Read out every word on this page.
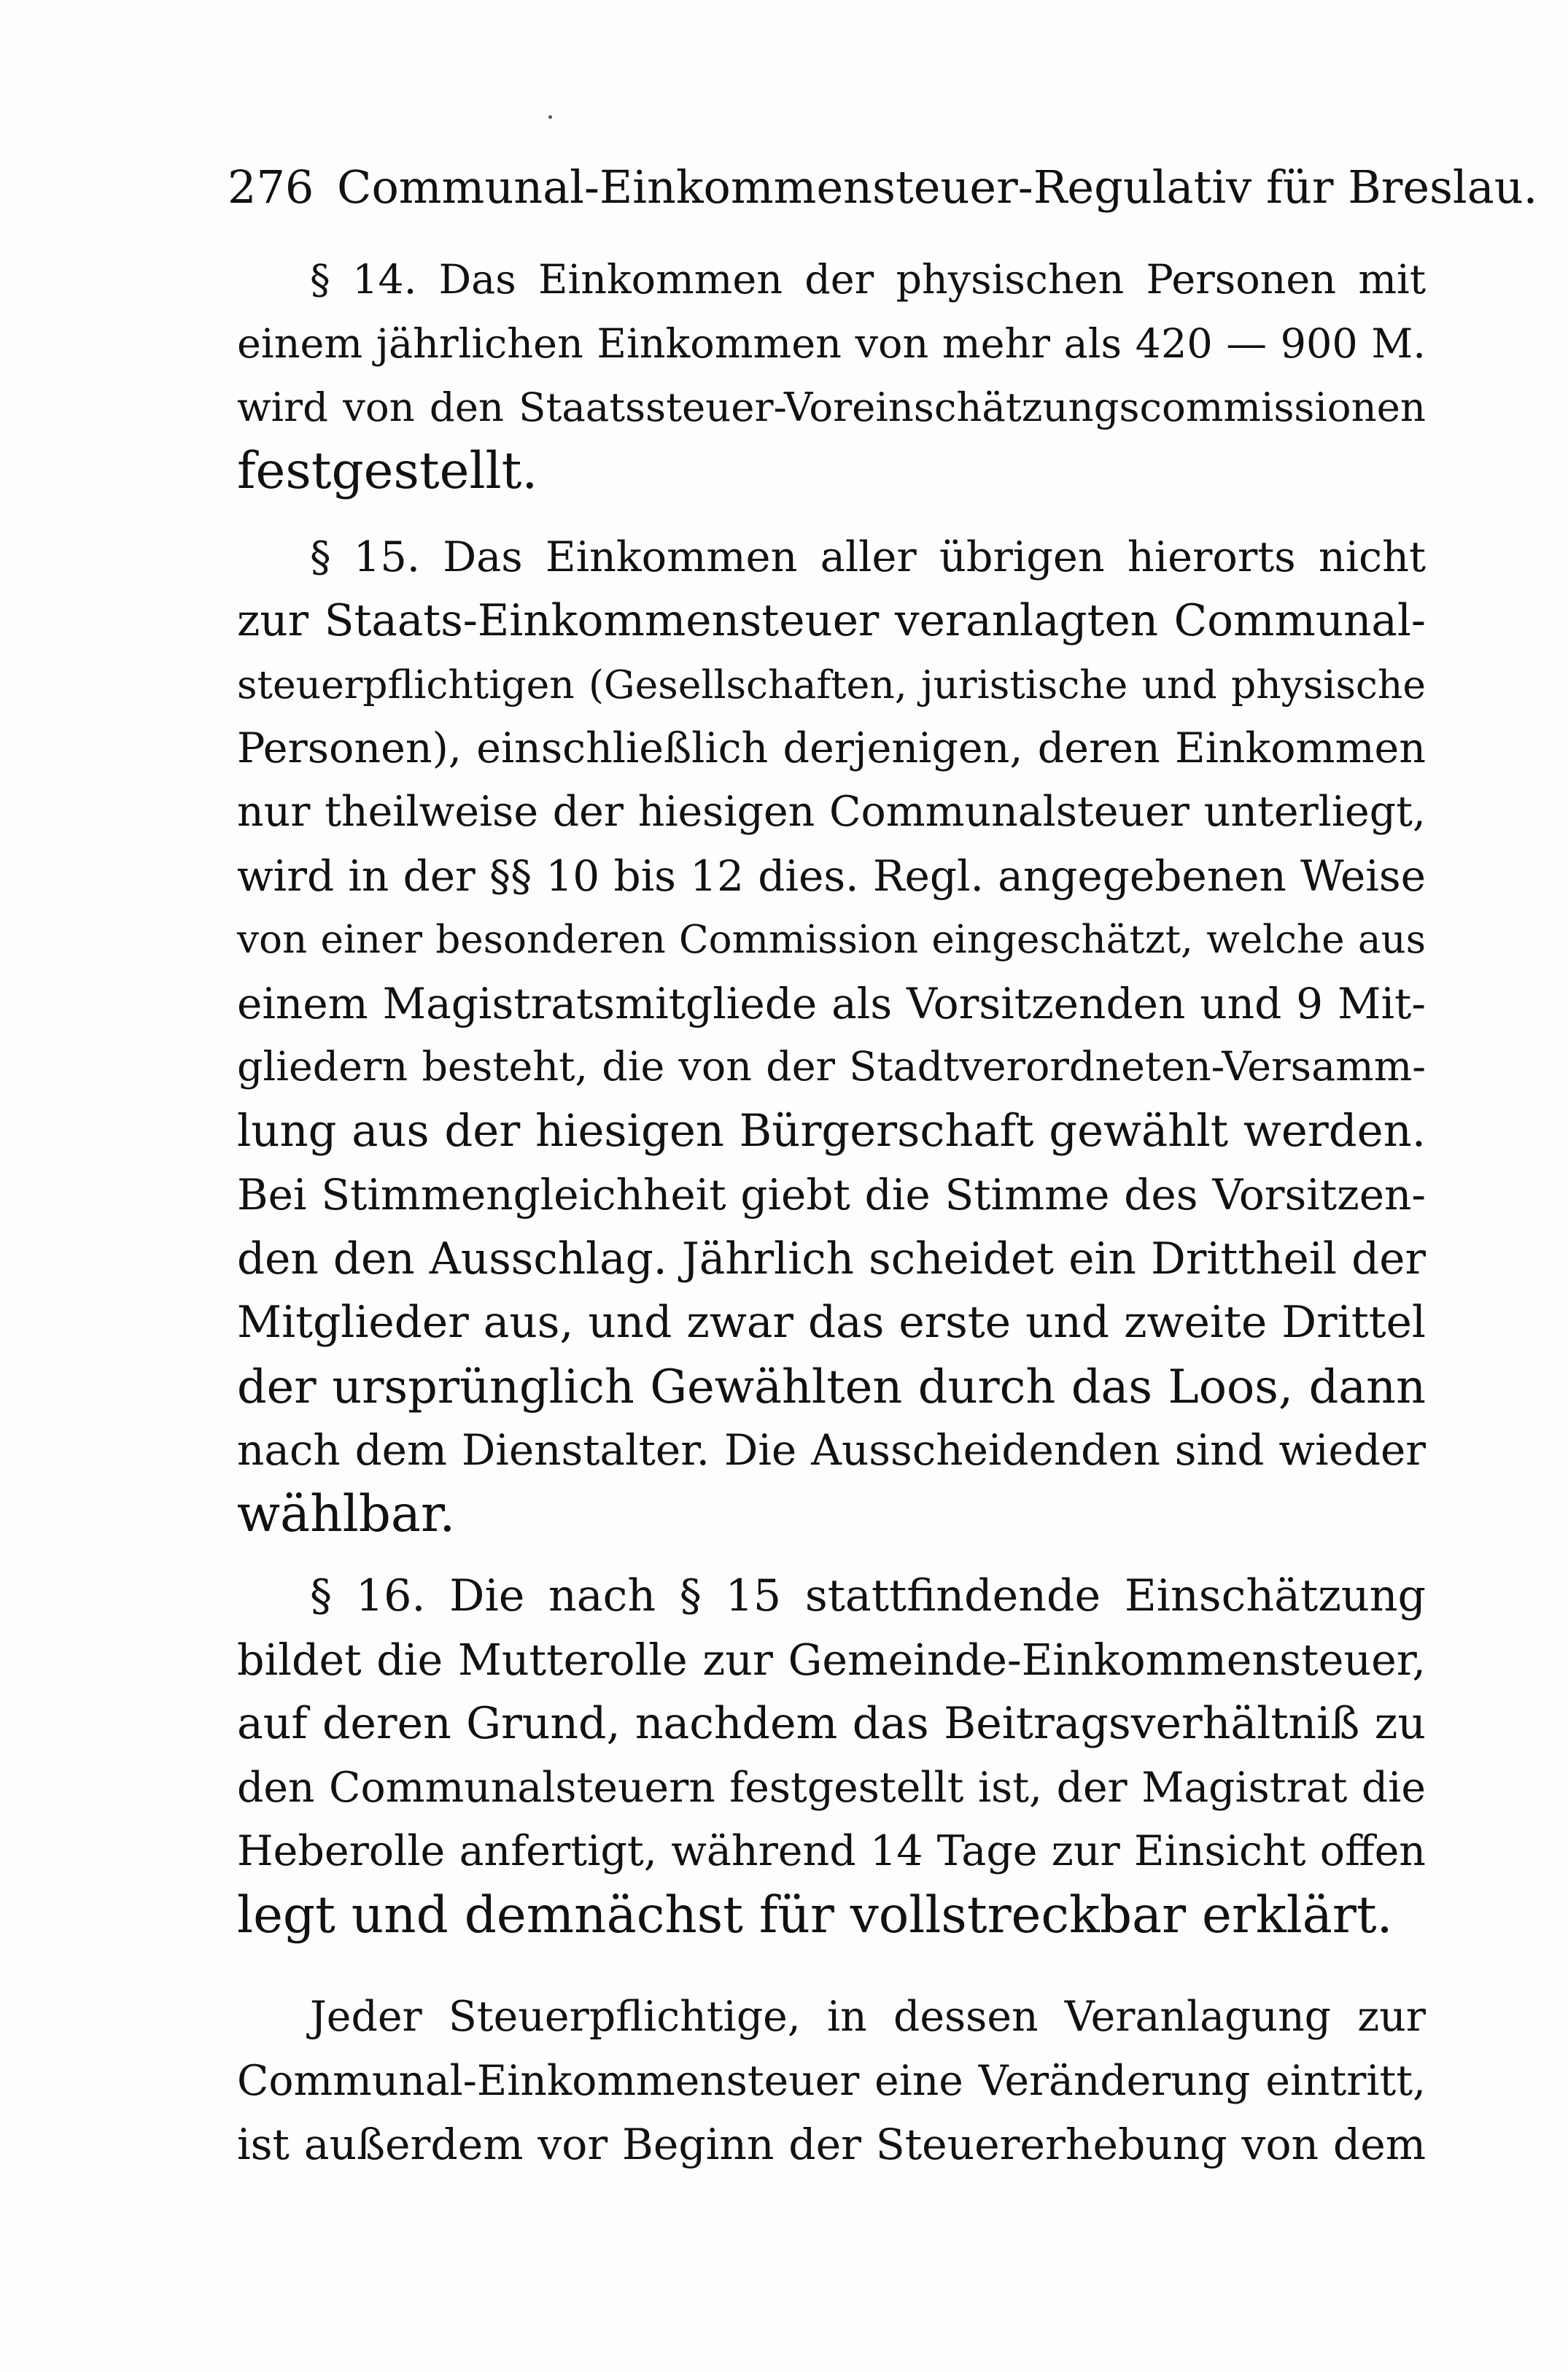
276 Communal-Einkommensteuer-Regulativ für Breslau.

§ 14. Das Einkommen der physischen Personen mit
einem jährlichen Einkommen von mehr als 420 — 900 M.
wird von den Staatssteuer-Voreinschätzungscommissionen
festgestellt.

§ 15. Das Einkommen aller übrigen hierorts nicht
zur Staats-Einkommensteuer veranlagten Communal-
steuerpflichtigen (Gesellschaften, juristische und physische
Personen), einschließlich derjenigen, deren Einkommen
nur theilweise der hiesigen Communalsteuer unterliegt,
wird in der §§ 10 bis 12 dies. Regl. angegebenen Weise
von einer besonderen Commission eingeschätzt, welche aus
einem Magistratsmitgliede als Vorsitzenden und 9 Mit-
gliedern besteht, die von der Stadtverordneten-Versamm-
lung aus der hiesigen Bürgerschaft gewählt werden.
Bei Stimmengleichheit giebt die Stimme des Vorsitzen-
den den Ausschlag. Jährlich scheidet ein Drittheil der
Mitglieder aus, und zwar das erste und zweite Drittel
der ursprünglich Gewählten durch das Loos, dann
nach dem Dienstalter. Die Ausscheidenden sind wieder
wählbar.

§ 16. Die nach § 15 stattfindende Einschätzung
bildet die Mutterolle zur Gemeinde-Einkommensteuer,
auf deren Grund, nachdem das Beitragsverhältniß zu
den Communalsteuern festgestellt ist, der Magistrat die
Heberolle anfertigt, während 14 Tage zur Einsicht offen
legt und demnächst für vollstreckbar erklärt.

Jeder Steuerpflichtige, in dessen Veranlagung zur
Communal-Einkommensteuer eine Veränderung eintritt,
ist außerdem vor Beginn der Steuererhebung von dem
